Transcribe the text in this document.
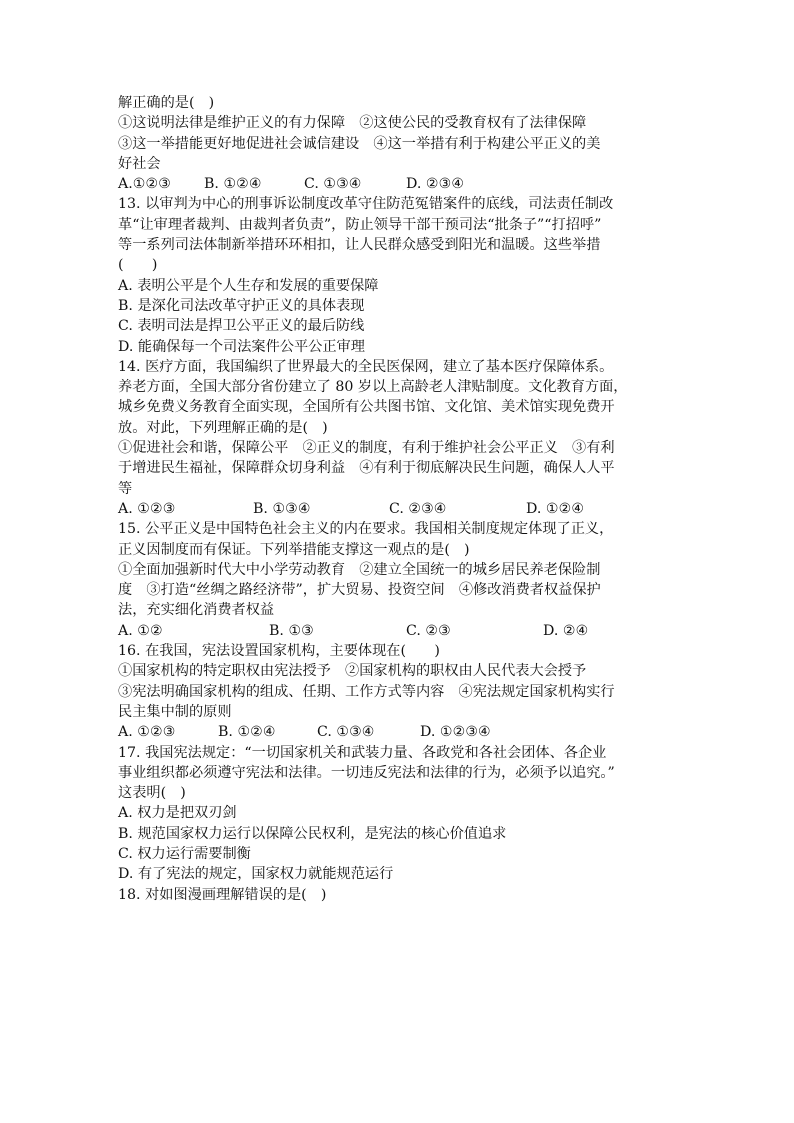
解正确的是(　)
①这说明法律是维护正义的有力保障　②这使公民的受教育权有了法律保障
③这一举措能更好地促进社会诚信建设　④这一举措有利于构建公平正义的美
好社会
A.①②③	B. ①②④	C. ①③④	D. ②③④
13. 以审判为中心的刑事诉讼制度改革守住防范冤错案件的底线，司法责任制改
革“让审理者裁判、由裁判者负责”，防止领导干部干预司法“批条子”“打招呼”
等一系列司法体制新举措环环相扣，让人民群众感受到阳光和温暖。这些举措
(　　)
A. 表明公平是个人生存和发展的重要保障
B. 是深化司法改革守护正义的具体表现
C. 表明司法是捍卫公平正义的最后防线
D. 能确保每一个司法案件公平公正审理
14. 医疗方面，我国编织了世界最大的全民医保网，建立了基本医疗保障体系。
养老方面，全国大部分省份建立了 80 岁以上高龄老人津贴制度。文化教育方面，
城乡免费义务教育全面实现，全国所有公共图书馆、文化馆、美术馆实现免费开
放。对此，下列理解正确的是(　)
①促进社会和谐，保障公平　②正义的制度，有利于维护社会公平正义　③有利
于增进民生福祉，保障群众切身利益　④有利于彻底解决民生问题，确保人人平
等
A. ①②③	B. ①③④	C. ②③④	D. ①②④
15. 公平正义是中国特色社会主义的内在要求。我国相关制度规定体现了正义，
正义因制度而有保证。下列举措能支撑这一观点的是(　)
①全面加强新时代大中小学劳动教育　②建立全国统一的城乡居民养老保险制
度　③打造“丝绸之路经济带”，扩大贸易、投资空间　④修改消费者权益保护
法，充实细化消费者权益
A. ①②	B. ①③	C. ②③	D. ②④
16. 在我国，宪法设置国家机构，主要体现在(　　)
①国家机构的特定职权由宪法授予　②国家机构的职权由人民代表大会授予
③宪法明确国家机构的组成、任期、工作方式等内容　④宪法规定国家机构实行
民主集中制的原则
A. ①②③	B. ①②④	C. ①③④	D. ①②③④
17. 我国宪法规定：“一切国家机关和武装力量、各政党和各社会团体、各企业
事业组织都必须遵守宪法和法律。一切违反宪法和法律的行为，必须予以追究。”
这表明(　)
A. 权力是把双刃剑
B. 规范国家权力运行以保障公民权利，是宪法的核心价值追求
C. 权力运行需要制衡
D. 有了宪法的规定，国家权力就能规范运行
18. 对如图漫画理解错误的是(　)
